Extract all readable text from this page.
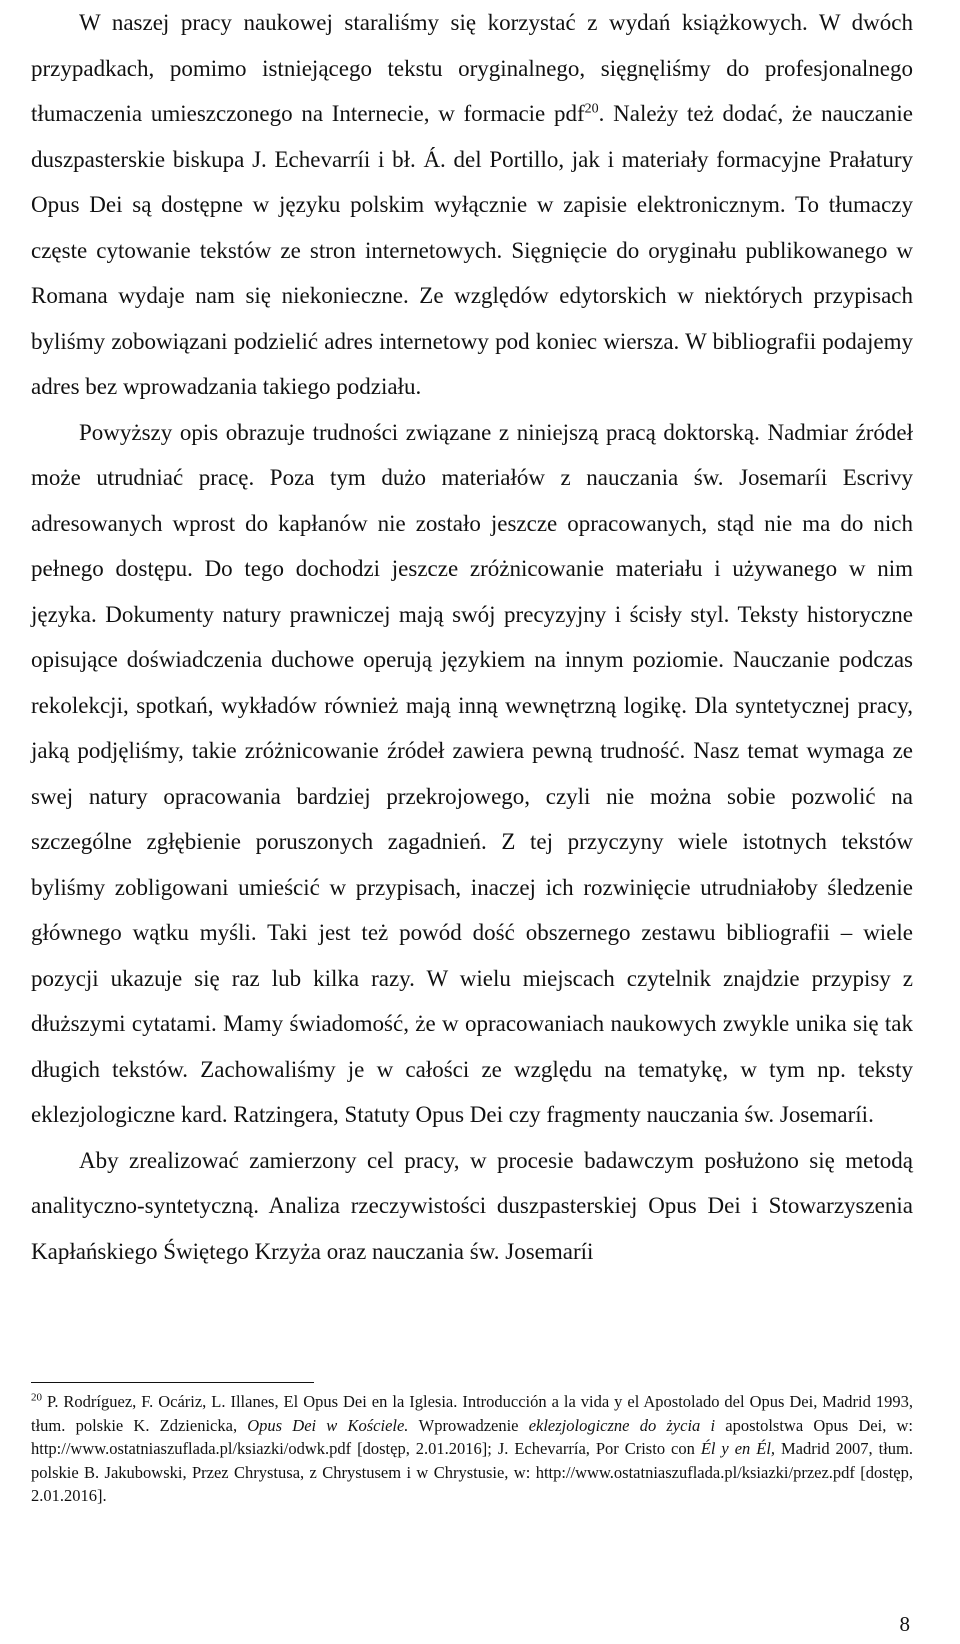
W naszej pracy naukowej staraliśmy się korzystać z wydań książkowych. W dwóch przypadkach, pomimo istniejącego tekstu oryginalnego, sięgnęliśmy do profesjonalnego tłumaczenia umieszczonego na Internecie, w formacie pdf$^{20}$. Należy też dodać, że nauczanie duszpasterskie biskupa J. Echevarríi i bł. Á. del Portillo, jak i materiały formacyjne Prałatury Opus Dei są dostępne w języku polskim wyłącznie w zapisie elektronicznym. To tłumaczy częste cytowanie tekstów ze stron internetowych. Sięgnięcie do oryginału publikowanego w Romana wydaje nam się niekonieczne. Ze względów edytorskich w niektórych przypisach byliśmy zobowiązani podzielić adres internetowy pod koniec wiersza. W bibliografii podajemy adres bez wprowadzania takiego podziału.

Powyższy opis obrazuje trudności związane z niniejszą pracą doktorską. Nadmiar źródeł może utrudniać pracę. Poza tym dużo materiałów z nauczania św. Josemaríi Escrivy adresowanych wprost do kapłanów nie zostało jeszcze opracowanych, stąd nie ma do nich pełnego dostępu. Do tego dochodzi jeszcze zróżnicowanie materiału i używanego w nim języka. Dokumenty natury prawniczej mają swój precyzyjny i ścisły styl. Teksty historyczne opisujące doświadczenia duchowe operują językiem na innym poziomie. Nauczanie podczas rekolekcji, spotkań, wykładów również mają inną wewnętrzną logikę. Dla syntetycznej pracy, jaką podjęliśmy, takie zróżnicowanie źródeł zawiera pewną trudność. Nasz temat wymaga ze swej natury opracowania bardziej przekrojowego, czyli nie można sobie pozwolić na szczególne zgłębienie poruszonych zagadnień. Z tej przyczyny wiele istotnych tekstów byliśmy zobligowani umieścić w przypisach, inaczej ich rozwinięcie utrudniałoby śledzenie głównego wątku myśli. Taki jest też powód dość obszernego zestawu bibliografii – wiele pozycji ukazuje się raz lub kilka razy. W wielu miejscach czytelnik znajdzie przypisy z dłuższymi cytatami. Mamy świadomość, że w opracowaniach naukowych zwykle unika się tak długich tekstów. Zachowaliśmy je w całości ze względu na tematykę, w tym np. teksty eklezjologiczne kard. Ratzingera, Statuty Opus Dei czy fragmenty nauczania św. Josemaríi.

Aby zrealizować zamierzony cel pracy, w procesie badawczym posłużono się metodą analityczno-syntetyczną. Analiza rzeczywistości duszpasterskiej Opus Dei i Stowarzyszenia Kapłańskiego Świętego Krzyża oraz nauczania św. Josemaríi

$^{20}$ P. Rodríguez, F. Ocáriz, L. Illanes, El Opus Dei en la Iglesia. Introducción a la vida y el Apostolado del Opus Dei, Madrid 1993, tłum. polskie K. Zdzienicka, Opus Dei w Kościele. Wprowadzenie eklezjologiczne do życia i apostolstwa Opus Dei, w: http://www.ostatniaszuflada.pl/ksiazki/odwk.pdf [dostęp, 2.01.2016]; J. Echevarría, Por Cristo con Él y en Él, Madrid 2007, tłum. polskie B. Jakubowski, Przez Chrystusa, z Chrystusem i w Chrystusie, w: http://www.ostatniaszuflada.pl/ksiazki/przez.pdf [dostęp, 2.01.2016].
8
